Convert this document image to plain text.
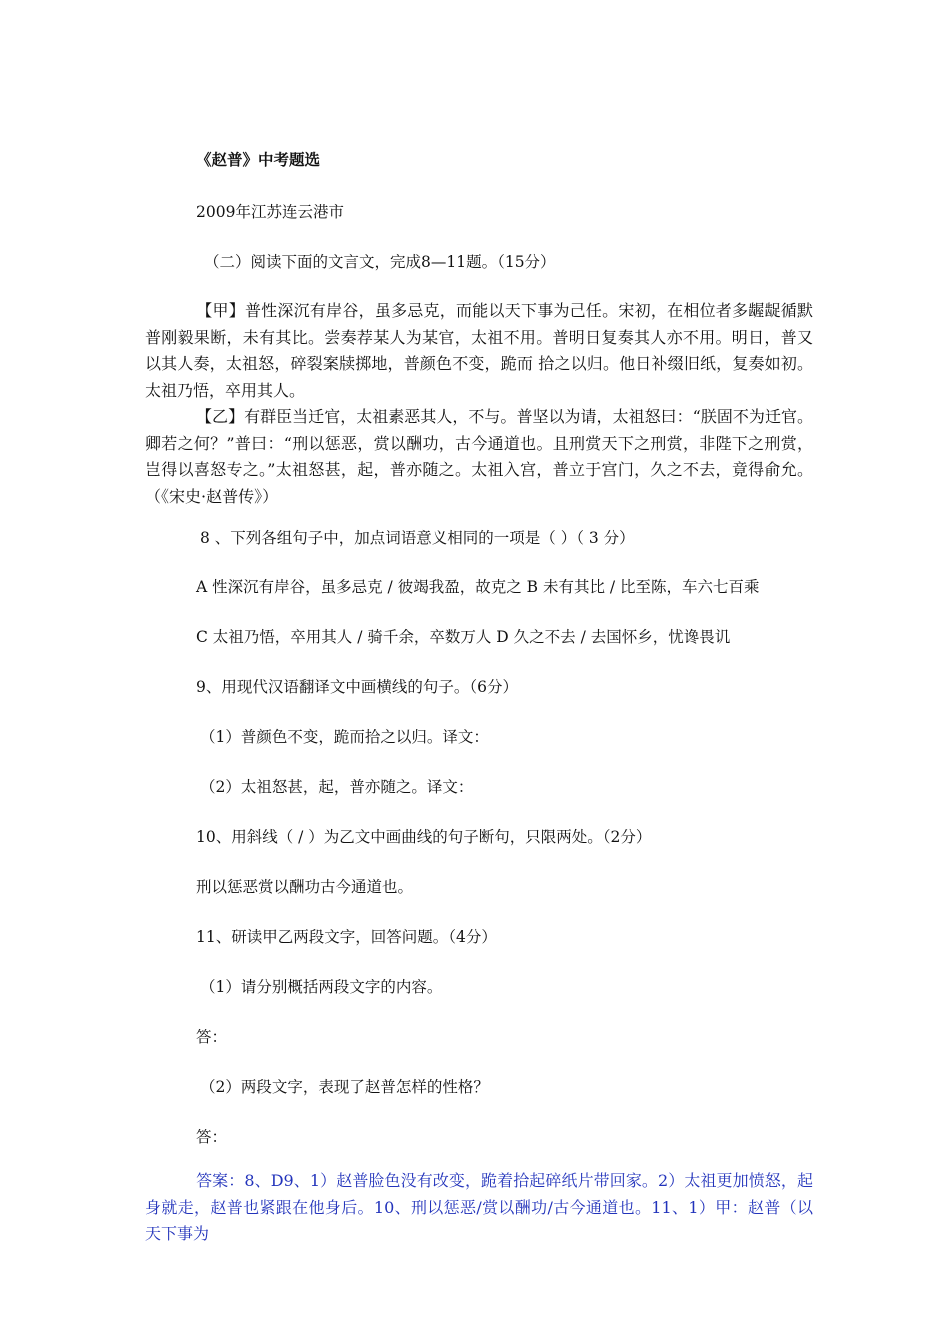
《赵普》中考题选
2009年江苏连云港市
（二）阅读下面的文言文，完成8—11题。（15分）
【甲】普性深沉有岸谷，虽多忌克，而能以天下事为己任。宋初，在相位者多龌龊循默普刚毅果断，未有其比。尝奏荐某人为某官，太祖不用。普明日复奏其人亦不用。明日，普又以其人奏，太祖怒，碎裂案牍掷地，普颜色不变，跪而 拾之以归。他日补缀旧纸，复奏如初。太祖乃悟，卒用其人。
【乙】有群臣当迁官，太祖素恶其人，不与。普坚以为请，太祖怒曰：“朕固不为迁官。卿若之何？”普曰：“刑以惩恶，赏以酬功，古今通道也。且刑赏天下之刑赏，非陛下之刑赏，岂得以喜怒专之。”太祖怒甚，起，普亦随之。太祖入宫，普立于宫门，久之不去，竟得俞允。（《宋史·赵普传》）
8 、下列各组句子中，加点词语意义相同的一项是（ ）（ 3 分）
A 性深沉有岸谷，虽多忌克 / 彼竭我盈，故克之 B 未有其比 / 比至陈，车六七百乘
C 太祖乃悟，卒用其人 / 骑千余，卒数万人 D 久之不去 / 去国怀乡，忧谗畏讥
9、用现代汉语翻译文中画横线的句子。（6分）
（1）普颜色不变，跪而拾之以归。译文：
（2）太祖怒甚，起，普亦随之。译文：
10、用斜线（ / ）为乙文中画曲线的句子断句，只限两处。（2分）
刑以惩恶赏以酬功古今通道也。
11、研读甲乙两段文字，回答问题。（4分）
（1）请分别概括两段文字的内容。
答：
（2）两段文字，表现了赵普怎样的性格？
答：
答案：8、D9、1）赵普脸色没有改变，跪着拾起碎纸片带回家。2）太祖更加愤怒，起身就走，赵普也紧跟在他身后。10、刑以惩恶/赏以酬功/古今通道也。11、1）甲：赵普（以天下事为
